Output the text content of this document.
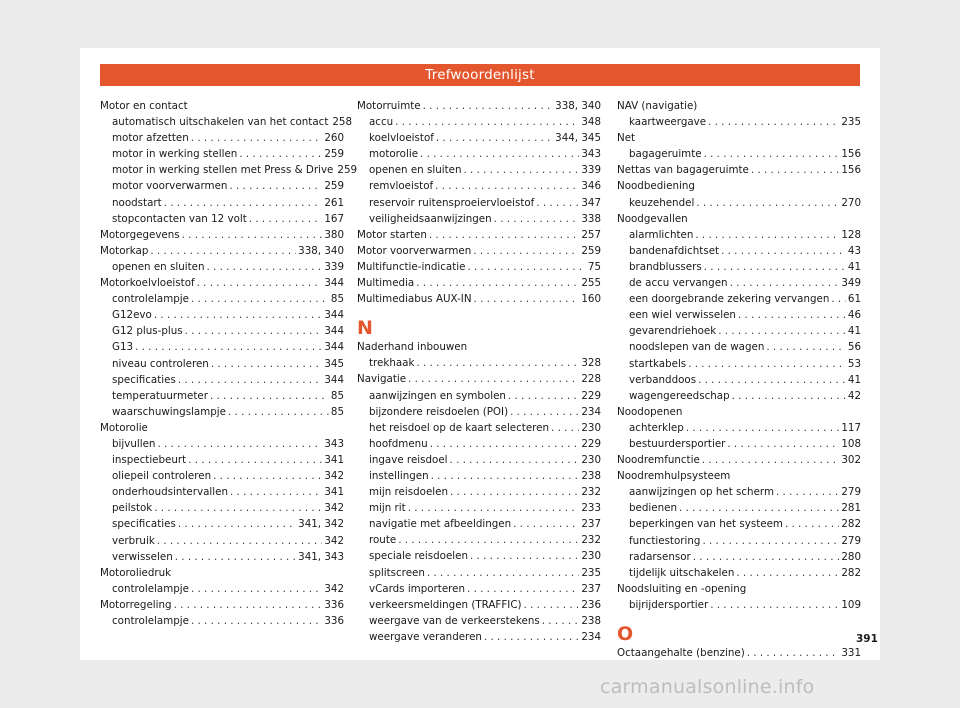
Trefwoordenlijst
Motor en contact
automatisch uitschakelen van het contact 258
motor afzetten . . .	260
motor in werking stellen . . .	259
motor in werking stellen met Press & Drive 259
motor voorverwarmen . . .	259
noodstart . . .	261
stopcontacten van 12 volt . . .	167
Motorgegevens . . .	380
Motorkap . . .	338, 340
openen en sluiten . . .	339
Motorkoelvloeistof . . .	344
controlelampje . . .	85
G12evo . . .	344
G12 plus-plus . . .	344
G13 . . .	344
niveau controleren . . .	345
specificaties . . .	344
temperatuurmeter . . .	85
waarschuwingslampje . . .	85
Motorolie
bijvullen . . .	343
inspectiebeurt . . .	341
oliepeil controleren . . .	342
onderhoudsintervallen . . .	341
peilstok . . .	342
specificaties . . .	341, 342
verbruik . . .	342
verwisselen . . .	341, 343
Motoroliedruk
controlelampje . . .	342
Motorregeling . . .	336
controlelampje . . .	336
Motorruimte . . .	338, 340
accu . . .	348
koelvloeistof . . .	344, 345
motorolie . . .	343
openen en sluiten . . .	339
remvloeistof . . .	346
reservoir ruitensproeiervloeistof . . .	347
veiligheidsaanwijzingen . . .	338
Motor starten . . .	257
Motor voorverwarmen . . .	259
Multifunctie-indicatie . . .	75
Multimedia . . .	255
Multimediabus AUX-IN . . .	160
N
Naderhand inbouwen
trekhaak . . .	328
Navigatie . . .	228
aanwijzingen en symbolen . . .	229
bijzondere reisdoelen (POI) . . .	234
het reisdoel op de kaart selecteren . . .	230
hoofdmenu . . .	229
ingave reisdoel . . .	230
instellingen . . .	238
mijn reisdoelen . . .	232
mijn rit . . .	233
navigatie met afbeeldingen . . .	237
route . . .	232
speciale reisdoelen . . .	230
splitscreen . . .	235
vCards importeren . . .	237
verkeersmeldingen (TRAFFIC) . . .	236
weergave van de verkeerstekens . . .	238
weergave veranderen . . .	234
NAV (navigatie)
kaartweergave . . .	235
Net
bagageruimte . . .	156
Nettas van bagageruimte . . .	156
Noodbediening
keuzehendel . . .	270
Noodgevallen
alarmlichten . . .	128
bandenafdichtset . . .	43
brandblussers . . .	41
de accu vervangen . . .	349
een doorgebrande zekering vervangen . . . 61
een wiel verwisselen . . .	46
gevarendriehoek . . .	41
noodslepen van de wagen . . .	56
startkabels . . .	53
verbanddoos . . .	41
wagengereedschap . . .	42
Noodopenen
achterklep . . .	117
bestuurdersportier . . .	108
Noodremfunctie . . .	302
Noodremhulpsysteem
aanwijzingen op het scherm . . .	279
bedienen . . .	281
beperkingen van het systeem . . .	282
functiestoring . . .	279
radarsensor . . .	280
tijdelijk uitschakelen . . .	282
Noodsluiting en -opening
bijrijdersportier . . .	109
O
Octaangehalte (benzine) . . .	331
391
carmanualsonline.info
